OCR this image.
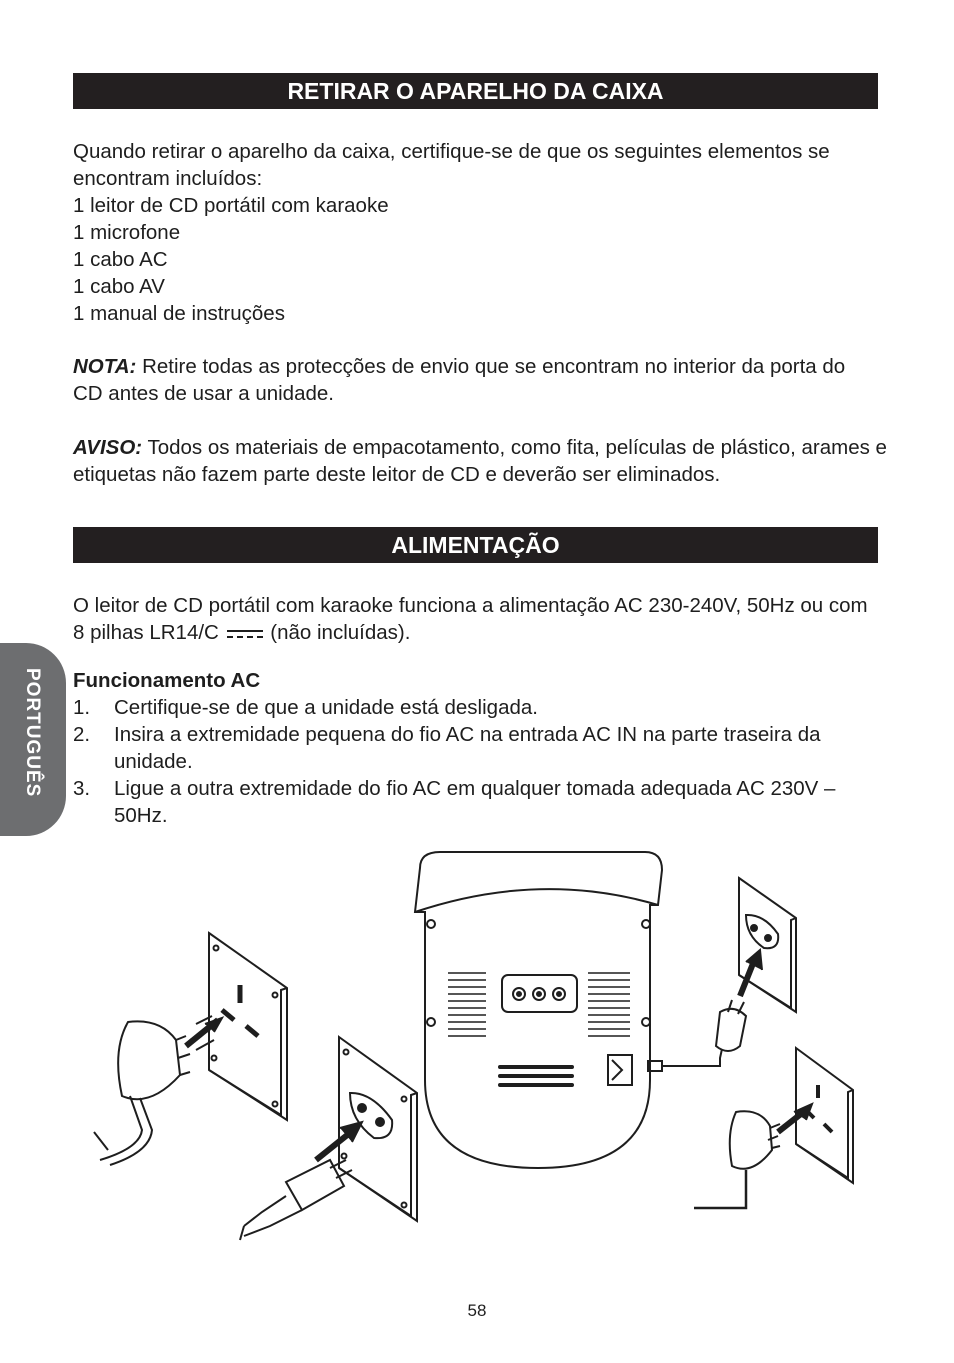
RETIRAR O APARELHO DA CAIXA

Quando retirar o aparelho da caixa, certifique-se de que os seguintes elementos se encontram incluídos:

1 leitor de CD portátil com karaoke

1 microfone

1 cabo AC

1 cabo AV

1 manual de instruções

NOTA: Retire todas as protecções de envio que se encontram no interior da porta do CD antes de usar a unidade.
AVISO: Todos os materiais de empacotamento, como fita, películas de plástico, arames e etiquetas não fazem parte deste leitor de CD e deverão ser eliminados.
ALIMENTAÇÃO
O leitor de CD portátil com karaoke funciona a alimentação AC 230-240V, 50Hz ou com 8 pilhas LR14/C	(não incluídas).
Funcionamento AC
1. Certifique-se de que a unidade está desligada.
2. Insira a extremidade pequena do fio AC na entrada AC IN na parte traseira da unidade.
3. Ligue a outra extremidade do fio AC em qualquer tomada adequada AC 230V – 50Hz.
PORTUGUÊS
58
